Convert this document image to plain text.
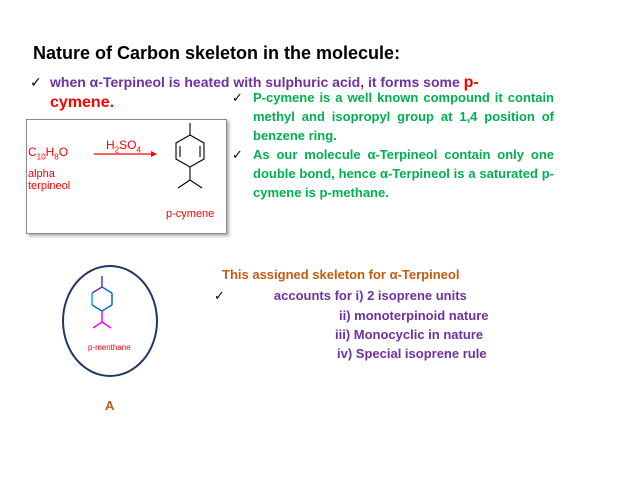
Nature of Carbon skeleton in the molecule:
✓ when α-Terpineol is heated with sulphuric acid, it forms some p-
cymene.	✓ P-cymene is a well known compound it contain methyl and isopropyl group at 1,4 position of benzene ring.
✓ As our molecule α-Terpineol contain only one double bond, hence α-Terpineol is a saturated p-cymene is p-methane.
$C_{10}H_8O$
alpha
terpineol
$H_2SO_4$
p-cymene
p-menthane
This assigned skeleton for α-Terpineol
✓	accounts for i) 2 isoprene units
ii) monoterpinoid nature
iii) Monocyclic in nature
iv) Special isoprene rule
A
